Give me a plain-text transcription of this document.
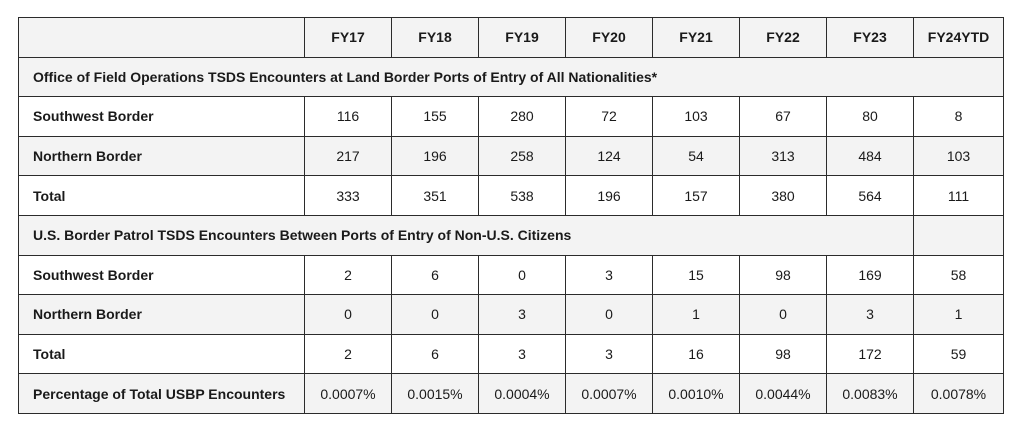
	FY17	FY18	FY19	FY20	FY21	FY22	FY23	FY24YTD
Office of Field Operations TSDS Encounters at Land Border Ports of Entry of All Nationalities*								
Southwest Border	116	155	280	72	103	67	80	8
Northern Border	217	196	258	124	54	313	484	103
Total	333	351	538	196	157	380	564	111
U.S. Border Patrol TSDS Encounters Between Ports of Entry of Non-U.S. Citizens								
Southwest Border	2	6	0	3	15	98	169	58
Northern Border	0	0	3	0	1	0	3	1
Total	2	6	3	3	16	98	172	59
Percentage of Total USBP Encounters	0.0007%	0.0015%	0.0004%	0.0007%	0.0010%	0.0044%	0.0083%	0.0078%
